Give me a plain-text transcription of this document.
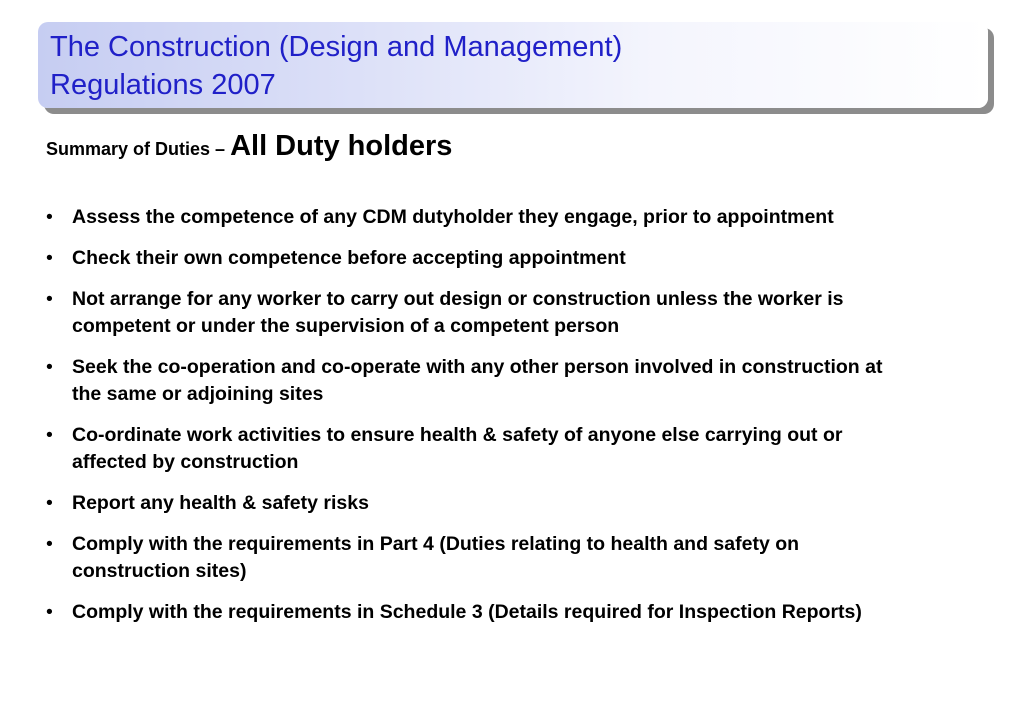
The Construction (Design and Management)
Regulations 2007

Summary of Duties – All Duty holders

• Assess the competence of any CDM dutyholder they engage, prior to appointment
• Check their own competence before accepting appointment
• Not arrange for any worker to carry out design or construction unless the worker is competent or under the supervision of a competent person
• Seek the co-operation and co-operate with any other person involved in construction at the same or adjoining sites
• Co-ordinate work activities to ensure health & safety of anyone else carrying out or affected by construction
• Report any health & safety risks
• Comply with the requirements in Part 4 (Duties relating to health and safety on construction sites)
• Comply with the requirements in Schedule 3 (Details required for Inspection Reports)
